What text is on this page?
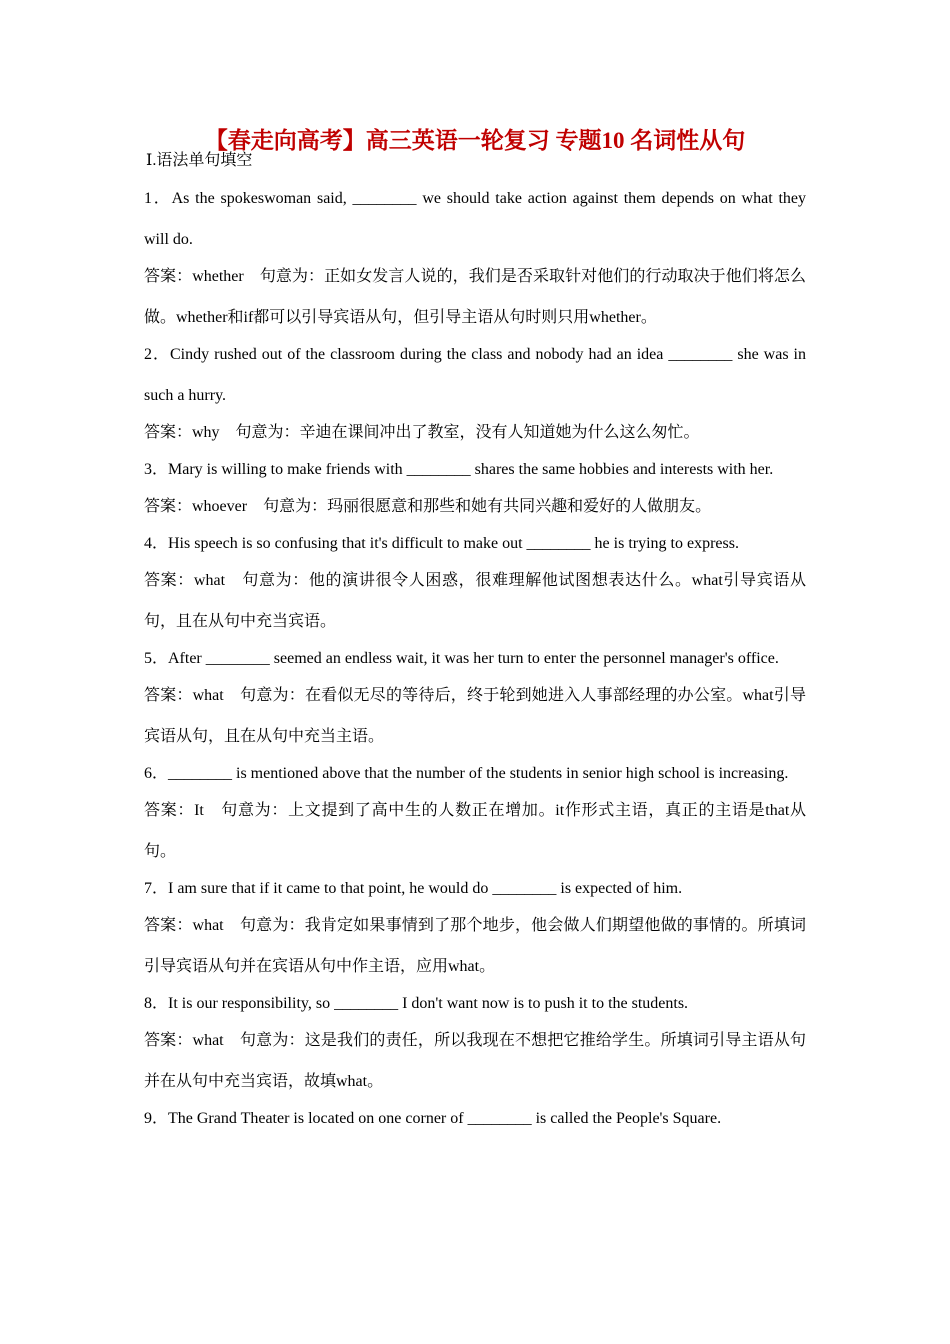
【春走向高考】高三英语一轮复习 专题10 名词性从句
Ⅰ.语法单句填空

1．As the spokeswoman said, ________ we should take action against them depends on what they will do.

答案：whether　句意为：正如女发言人说的，我们是否采取针对他们的行动取决于他们将怎么做。whether和if都可以引导宾语从句，但引导主语从句时则只用whether。

2．Cindy rushed out of the classroom during the class and nobody had an idea ________ she was in such a hurry.

答案：why　句意为：辛迪在课间冲出了教室，没有人知道她为什么这么匆忙。

3．Mary is willing to make friends with ________ shares the same hobbies and interests with her.

答案：whoever　句意为：玛丽很愿意和那些和她有共同兴趣和爱好的人做朋友。

4．His speech is so confusing that it's difficult to make out ________ he is trying to express.

答案：what　句意为：他的演讲很令人困惑，很难理解他试图想表达什么。what引导宾语从句，且在从句中充当宾语。

5．After ________ seemed an endless wait, it was her turn to enter the personnel manager's office.

答案：what　句意为：在看似无尽的等待后，终于轮到她进入人事部经理的办公室。what引导宾语从句，且在从句中充当主语。

6．________ is mentioned above that the number of the students in senior high school is increasing.

答案：It　句意为：上文提到了高中生的人数正在增加。it作形式主语，真正的主语是that从句。

7．I am sure that if it came to that point, he would do ________ is expected of him.

答案：what　句意为：我肯定如果事情到了那个地步，他会做人们期望他做的事情的。所填词引导宾语从句并在宾语从句中作主语，应用what。

8．It is our responsibility, so ________ I don't want now is to push it to the students.

答案：what　句意为：这是我们的责任，所以我现在不想把它推给学生。所填词引导主语从句并在从句中充当宾语，故填what。

9．The Grand Theater is located on one corner of ________ is called the People's Square.
